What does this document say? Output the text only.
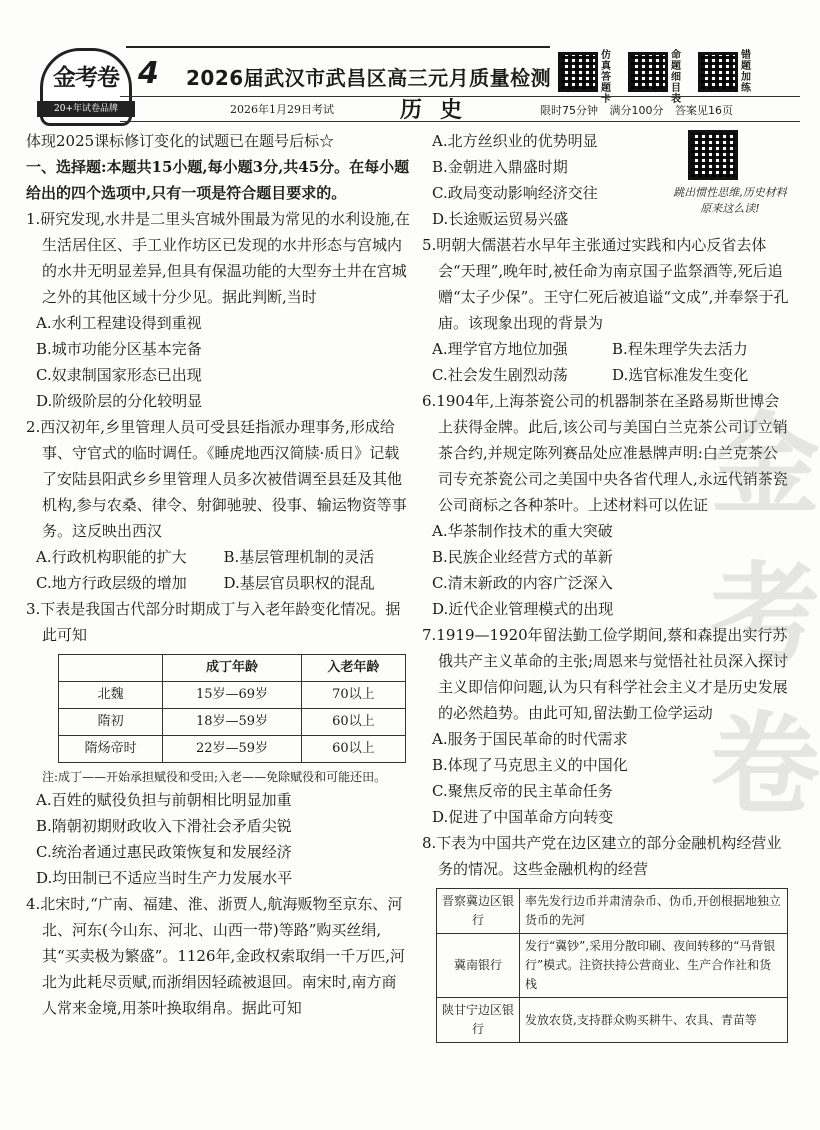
金考卷
20+年试卷品牌
4 2026届武汉市武昌区高三元月质量检测
仿真答题卡
命题细目表
错题加练
2026年1月29日考试	历史	限时75分钟 满分100分 答案见16页

体现2025课标修订变化的试题已在题号后标☆

一、选择题:本题共15小题,每小题3分,共45分。在每小题给出的四个选项中,只有一项是符合题目要求的。

1.研究发现,水井是二里头宫城外围最为常见的水利设施,在生活居住区、手工业作坊区已发现的水井形态与宫城内的水井无明显差异,但具有保温功能的大型夯土井在宫城之外的其他区域十分少见。据此判断,当时

A.水利工程建设得到重视

B.城市功能分区基本完备

C.奴隶制国家形态已出现

D.阶级阶层的分化较明显

2.西汉初年,乡里管理人员可受县廷指派办理事务,形成给事、守官式的临时调任。《睡虎地西汉简牍·质日》记载了安陆县阳武乡乡里管理人员多次被借调至县廷及其他机构,参与农桑、律令、射御驰驶、役事、输运物资等事务。这反映出西汉

A.行政机构职能的扩大	B.基层管理机制的灵活
C.地方行政层级的增加	D.基层官员职权的混乱

3.下表是我国古代部分时期成丁与入老年龄变化情况。据此可知

	成丁年龄	入老年龄
北魏	15岁—69岁	70以上
隋初	18岁—59岁	60以上
隋炀帝时	22岁—59岁	60以上

注:成丁——开始承担赋役和受田;入老——免除赋役和可能还田。

A.百姓的赋役负担与前朝相比明显加重

B.隋朝初期财政收入下滑社会矛盾尖锐

C.统治者通过惠民政策恢复和发展经济

D.均田制已不适应当时生产力发展水平

4.北宋时,“广南、福建、淮、浙贾人,航海贩物至京东、河北、河东(今山东、河北、山西一带)等路”购买丝绢,其“买卖极为繁盛”。1126年,金政权索取绢一千万匹,河北为此耗尽贡赋,而浙绢因轻疏被退回。南宋时,南方商人常来金境,用茶叶换取绢帛。据此可知

A.北方丝织业的优势明显

B.金朝进入鼎盛时期

C.政局变动影响经济交往

D.长途贩运贸易兴盛

5.明朝大儒湛若水早年主张通过实践和内心反省去体会“天理”,晚年时,被任命为南京国子监祭酒等,死后追赠“太子少保”。王守仁死后被追谥“文成”,并奉祭于孔庙。该现象出现的背景为

A.理学官方地位加强	B.程朱理学失去活力
C.社会发生剧烈动荡	D.选官标准发生变化

6.1904年,上海茶瓷公司的机器制茶在圣路易斯世博会上获得金牌。此后,该公司与美国白兰克茶公司订立销茶合约,并规定陈列赛品处应准悬牌声明:白兰克茶公司专充茶瓷公司之美国中央各省代理人,永远代销茶瓷公司商标之各种茶叶。上述材料可以佐证

A.华茶制作技术的重大突破

B.民族企业经营方式的革新

C.清末新政的内容广泛深入

D.近代企业管理模式的出现

7.1919—1920年留法勤工俭学期间,蔡和森提出实行苏俄共产主义革命的主张;周恩来与觉悟社社员深入探讨主义即信仰问题,认为只有科学社会主义才是历史发展的必然趋势。由此可知,留法勤工俭学运动

A.服务于国民革命的时代需求

B.体现了马克思主义的中国化

C.聚焦反帝的民主革命任务

D.促进了中国革命方向转变

8.下表为中国共产党在边区建立的部分金融机构经营业务的情况。这些金融机构的经营

晋察冀边区银行	率先发行边币并肃清杂币、伪币,开创根据地独立货币的先河
冀南银行	发行“冀钞”,采用分散印刷、夜间转移的“马背银行”模式。注资扶持公营商业、生产合作社和货栈
陕甘宁边区银行	发放农贷,支持群众购买耕牛、农具、青苗等
跳出惯性思维,历史材料原来这么读!
金考卷
